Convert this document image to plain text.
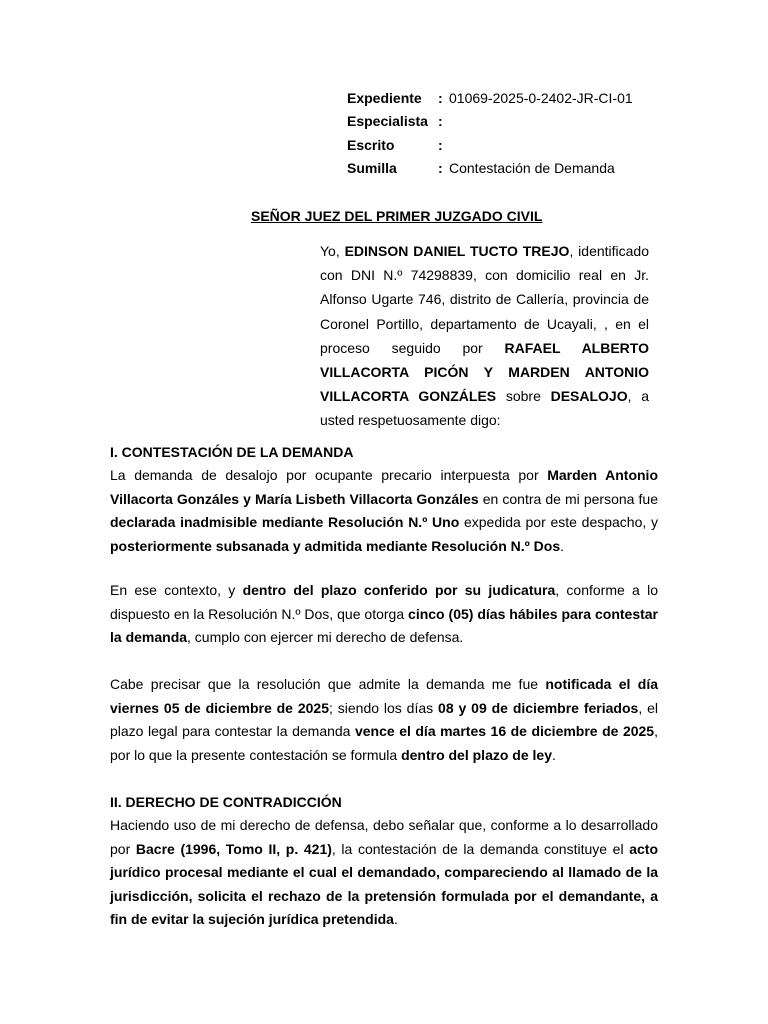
Expediente	: 01069-2025-0-2402-JR-CI-01
Especialista :
Escrito	:
Sumilla	: Contestación de Demanda
SEÑOR JUEZ DEL PRIMER JUZGADO CIVIL
Yo, EDINSON DANIEL TUCTO TREJO, identificado con DNI N.º 74298839, con domicilio real en Jr. Alfonso Ugarte 746, distrito de Callería, provincia de Coronel Portillo, departamento de Ucayali, , en el proceso seguido por RAFAEL ALBERTO VILLACORTA PICÓN Y MARDEN ANTONIO VILLACORTA GONZÁLES sobre DESALOJO, a usted respetuosamente digo:
I. CONTESTACIÓN DE LA DEMANDA
La demanda de desalojo por ocupante precario interpuesta por Marden Antonio Villacorta Gonzáles y María Lisbeth Villacorta Gonzáles en contra de mi persona fue declarada inadmisible mediante Resolución N.º Uno expedida por este despacho, y posteriormente subsanada y admitida mediante Resolución N.º Dos.
En ese contexto, y dentro del plazo conferido por su judicatura, conforme a lo dispuesto en la Resolución N.º Dos, que otorga cinco (05) días hábiles para contestar la demanda, cumplo con ejercer mi derecho de defensa.
Cabe precisar que la resolución que admite la demanda me fue notificada el día viernes 05 de diciembre de 2025; siendo los días 08 y 09 de diciembre feriados, el plazo legal para contestar la demanda vence el día martes 16 de diciembre de 2025, por lo que la presente contestación se formula dentro del plazo de ley.
II. DERECHO DE CONTRADICCIÓN
Haciendo uso de mi derecho de defensa, debo señalar que, conforme a lo desarrollado por Bacre (1996, Tomo II, p. 421), la contestación de la demanda constituye el acto jurídico procesal mediante el cual el demandado, compareciendo al llamado de la jurisdicción, solicita el rechazo de la pretensión formulada por el demandante, a fin de evitar la sujeción jurídica pretendida.
